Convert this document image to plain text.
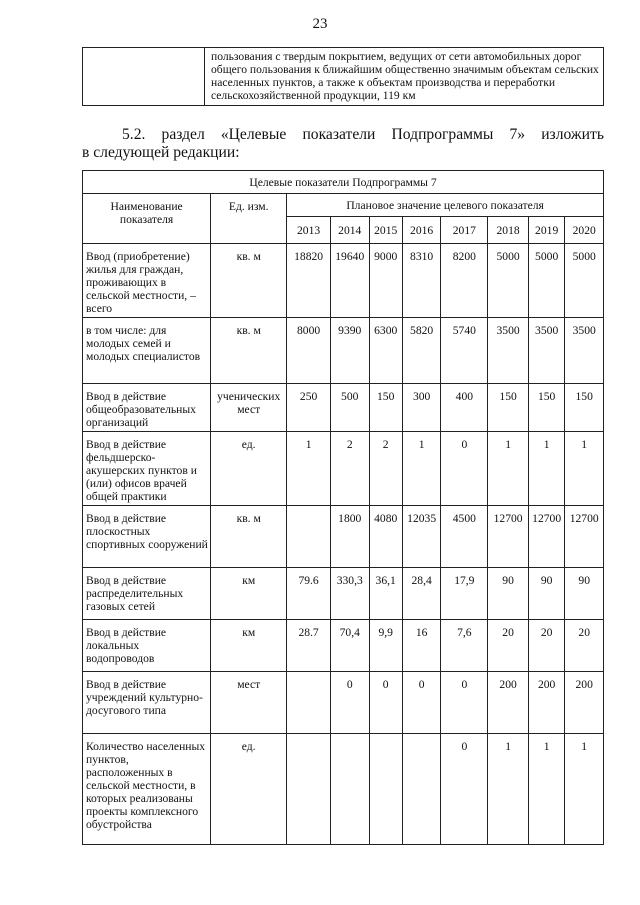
23
	пользования с твердым покрытием, ведущих от сети автомобильных дорог общего пользования к ближайшим общественно значимым объектам сельских населенных пунктов, а также к объектам производства и переработки сельскохозяйственной продукции, 119 км
5.2. раздел «Целевые показатели Подпрограммы 7» изложить
в следующей редакции:
Целевые показатели Подпрограммы 7									
Наименование показателя	Ед. изм.	Плановое значение целевого показателя							
		2013	2014	2015	2016	2017	2018	2019	2020
Ввод (приобретение) жилья для граждан, проживающих в сельской местности, – всего	кв. м	18820	19640	9000	8310	8200	5000	5000	5000
в том числе: для молодых семей и молодых специалистов	кв. м	8000	9390	6300	5820	5740	3500	3500	3500
Ввод в действие общеобразовательных организаций	ученических мест	250	500	150	300	400	150	150	150
Ввод в действие фельдшерско-акушерских пунктов и (или) офисов врачей общей практики	ед.	1	2	2	1	0	1	1	1
Ввод в действие плоскостных спортивных сооружений	кв. м		1800	4080	12035	4500	12700	12700	12700
Ввод в действие распределительных газовых сетей	км	79.6	330,3	36,1	28,4	17,9	90	90	90
Ввод в действие локальных водопроводов	км	28.7	70,4	9,9	16	7,6	20	20	20
Ввод в действие учреждений культурно-досугового типа	мест		0	0	0	0	200	200	200
Количество населенных пунктов, расположенных в сельской местности, в которых реализованы проекты комплексного обустройства	ед.					0	1	1	1
